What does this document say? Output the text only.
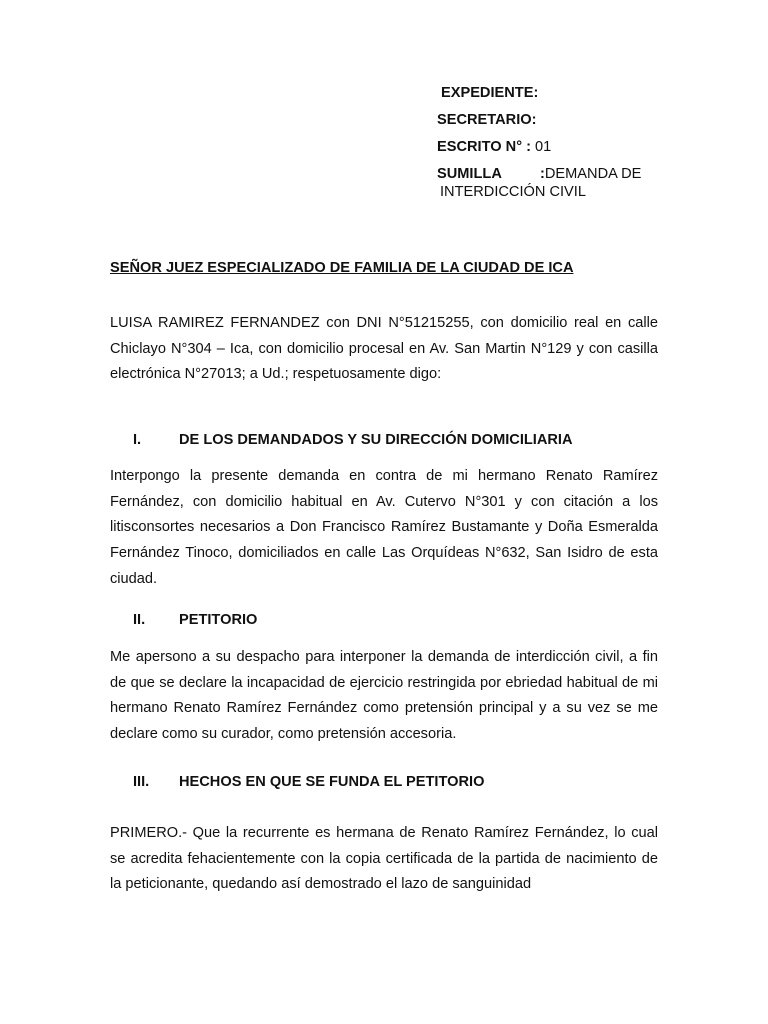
EXPEDIENTE:
SECRETARIO:
ESCRITO N° : 01
SUMILLA	:DEMANDA DE
INTERDICCIÓN CIVIL
SEÑOR JUEZ ESPECIALIZADO DE FAMILIA DE LA CIUDAD DE ICA

LUISA RAMIREZ FERNANDEZ con DNI N°51215255, con domicilio real en calle Chiclayo N°304 – Ica, con domicilio procesal en Av. San Martin N°129 y con casilla electrónica N°27013; a Ud.; respetuosamente digo:

I.	DE LOS DEMANDADOS Y SU DIRECCIÓN DOMICILIARIA

Interpongo la presente demanda en contra de mi hermano Renato Ramírez Fernández, con domicilio habitual en Av. Cutervo N°301 y con citación a los litisconsortes necesarios a Don Francisco Ramírez Bustamante y Doña Esmeralda Fernández Tinoco, domiciliados en calle Las Orquídeas N°632, San Isidro de esta ciudad.

II. PETITORIO

Me apersono a su despacho para interponer la demanda de interdicción civil, a fin de que se declare la incapacidad de ejercicio restringida por ebriedad habitual de mi hermano Renato Ramírez Fernández como pretensión principal y a su vez se me declare como su curador, como pretensión accesoria.

III. HECHOS EN QUE SE FUNDA EL PETITORIO

PRIMERO.- Que la recurrente es hermana de Renato Ramírez Fernández, lo cual se acredita fehacientemente con la copia certificada de la partida de nacimiento de la peticionante, quedando así demostrado el lazo de sanguinidad
